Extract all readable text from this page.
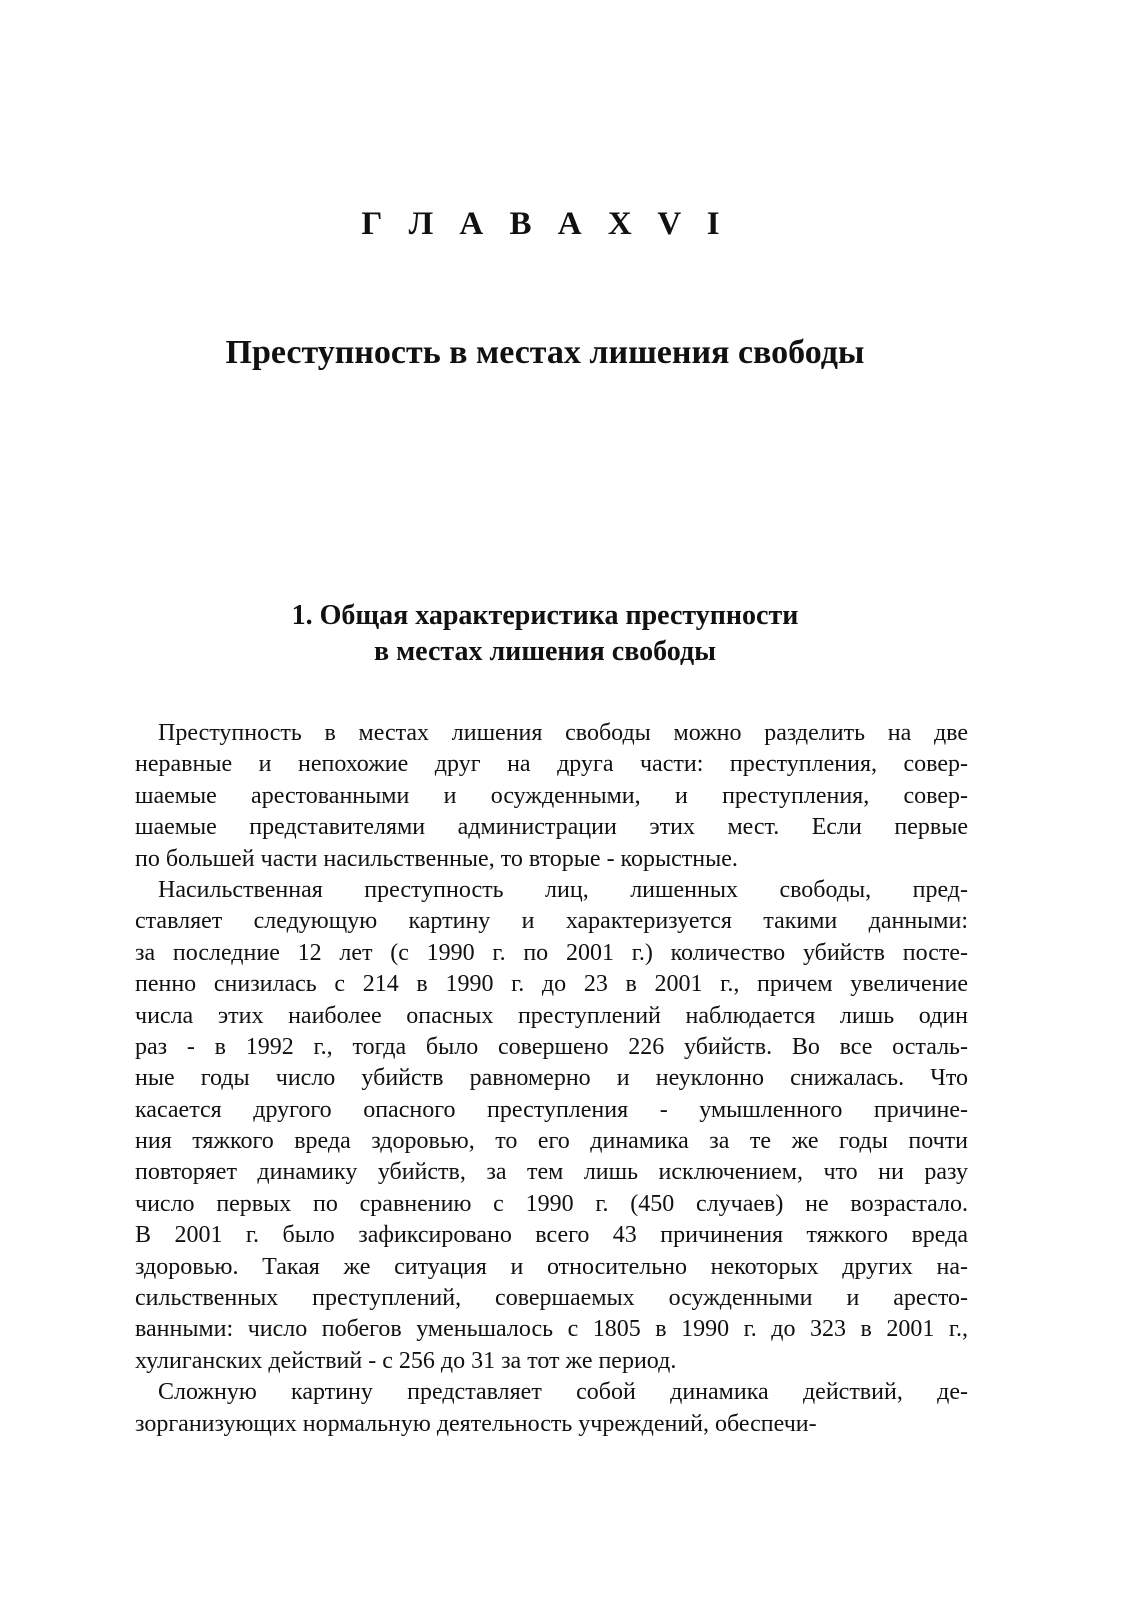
Г Л А В А X V I
Преступность в местах лишения свободы
1. Общая характеристика преступности
в местах лишения свободы
Преступность в местах лишения свободы можно разделить на две
неравные и непохожие друг на друга части: преступления, совер-
шаемые арестованными и осужденными, и преступления, совер-
шаемые представителями администрации этих мест. Если первые
по большей части насильственные, то вторые - корыстные.
Насильственная преступность лиц, лишенных свободы, пред-
ставляет следующую картину и характеризуется такими данными:
за последние 12 лет (с 1990 г. по 2001 г.) количество убийств посте-
пенно снизилась с 214 в 1990 г. до 23 в 2001 г., причем увеличение
числа этих наиболее опасных преступлений наблюдается лишь один
раз - в 1992 г., тогда было совершено 226 убийств. Во все осталь-
ные годы число убийств равномерно и неуклонно снижалась. Что
касается другого опасного преступления - умышленного причине-
ния тяжкого вреда здоровью, то его динамика за те же годы почти
повторяет динамику убийств, за тем лишь исключением, что ни разу
число первых по сравнению с 1990 г. (450 случаев) не возрастало.
В 2001 г. было зафиксировано всего 43 причинения тяжкого вреда
здоровью. Такая же ситуация и относительно некоторых других на-
сильственных преступлений, совершаемых осужденными и аресто-
ванными: число побегов уменьшалось с 1805 в 1990 г. до 323 в 2001 г.,
хулиганских действий - с 256 до 31 за тот же период.
Сложную картину представляет собой динамика действий, де-
зорганизующих нормальную деятельность учреждений, обеспечи-
